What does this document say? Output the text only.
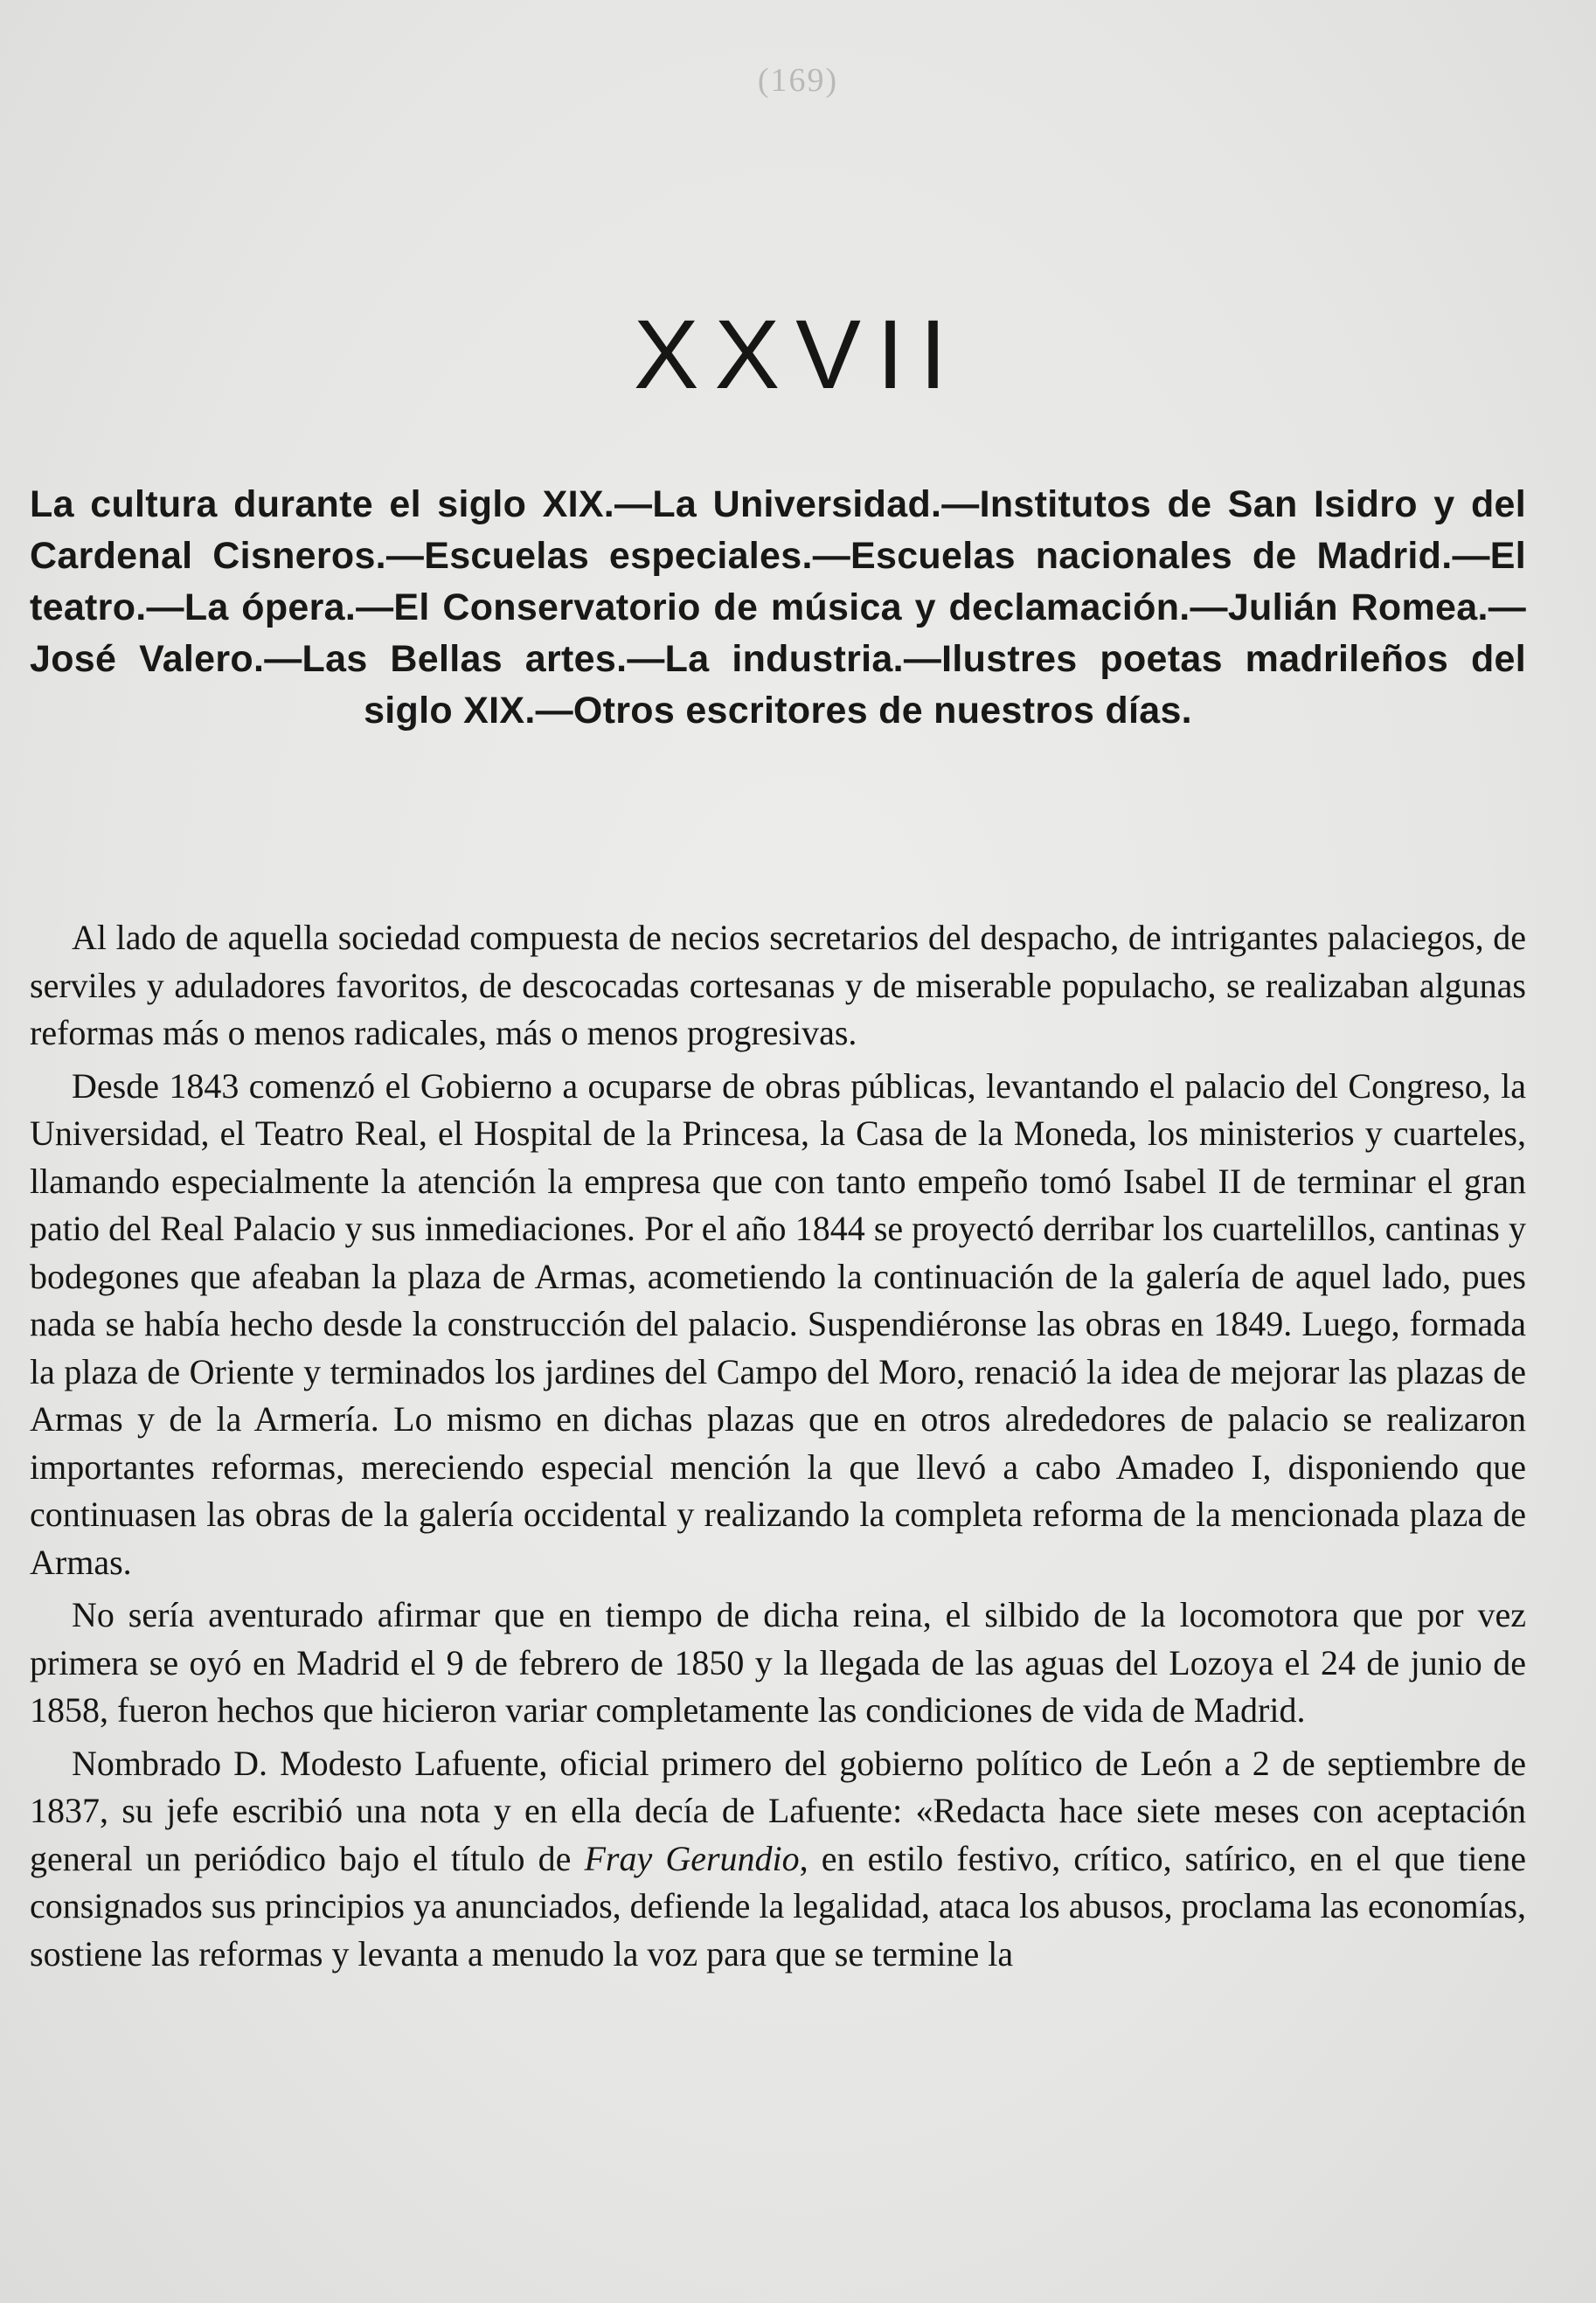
(169)
XXVII
La cultura durante el siglo XIX.—La Universidad.—Institutos de San Isidro y del Cardenal Cisneros.—Escuelas especiales.—Escuelas nacionales de Madrid.—El teatro.—La ópera.—El Conservatorio de música y declamación.—Julián Romea.—José Valero.—Las Bellas artes.—La industria.—Ilustres poetas madrileños del siglo XIX.—Otros escritores de nuestros días.

Al lado de aquella sociedad compuesta de necios secretarios del despacho, de intrigantes palaciegos, de serviles y aduladores favoritos, de descocadas cortesanas y de miserable populacho, se realizaban algunas reformas más o menos radicales, más o menos progresivas.

Desde 1843 comenzó el Gobierno a ocuparse de obras públicas, levantando el palacio del Congreso, la Universidad, el Teatro Real, el Hospital de la Princesa, la Casa de la Moneda, los ministerios y cuarteles, llamando especialmente la atención la empresa que con tanto empeño tomó Isabel II de terminar el gran patio del Real Palacio y sus inmediaciones. Por el año 1844 se proyectó derribar los cuartelillos, cantinas y bodegones que afeaban la plaza de Armas, acometiendo la continuación de la galería de aquel lado, pues nada se había hecho desde la construcción del palacio. Suspendiéronse las obras en 1849. Luego, formada la plaza de Oriente y terminados los jardines del Campo del Moro, renació la idea de mejorar las plazas de Armas y de la Armería. Lo mismo en dichas plazas que en otros alrededores de palacio se realizaron importantes reformas, mereciendo especial mención la que llevó a cabo Amadeo I, disponiendo que continuasen las obras de la galería occidental y realizando la completa reforma de la mencionada plaza de Armas.

No sería aventurado afirmar que en tiempo de dicha reina, el silbido de la locomotora que por vez primera se oyó en Madrid el 9 de febrero de 1850 y la llegada de las aguas del Lozoya el 24 de junio de 1858, fueron hechos que hicieron variar completamente las condiciones de vida de Madrid.

Nombrado D. Modesto Lafuente, oficial primero del gobierno político de León a 2 de septiembre de 1837, su jefe escribió una nota y en ella decía de Lafuente: «Redacta hace siete meses con aceptación general un periódico bajo el título de Fray Gerundio, en estilo festivo, crítico, satírico, en el que tiene consignados sus principios ya anunciados, defiende la legalidad, ataca los abusos, proclama las economías, sostiene las reformas y levanta a menudo la voz para que se termine la
